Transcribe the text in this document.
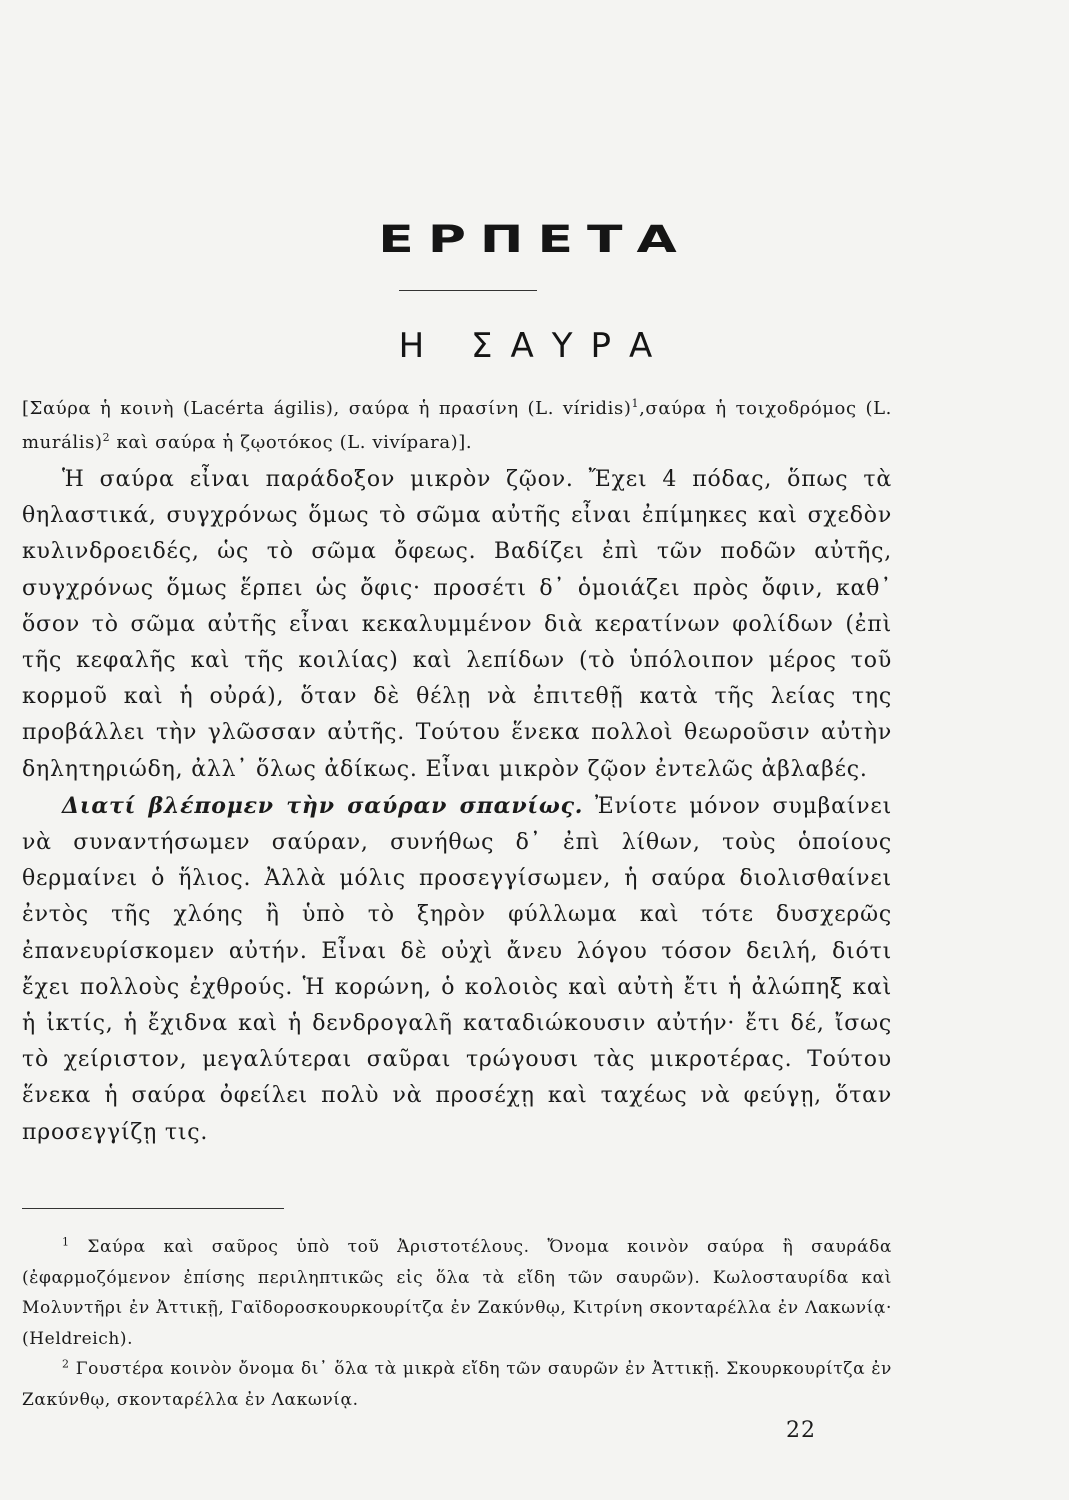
ΕΡΠΕΤΑ
Η ΣΑΥΡΑ
[Σαύρα ἡ κοινὴ (Lacérta ágilis), σαύρα ἡ πρασίνη (L. víridis)$^1$,σαύρα ἡ τοιχοδρόμος (L. murális)$^2$ καὶ σαύρα ἡ ζῳοτόκος (L. vivípara)].

Ἡ σαύρα εἶναι παράδοξον μικρὸν ζῷον. Ἔχει 4 πόδας, ὅπως τὰ θηλαστικά, συγχρόνως ὅμως τὸ σῶμα αὐτῆς εἶναι ἐπίμηκες καὶ σχεδὸν κυλινδροειδές, ὡς τὸ σῶμα ὄφεως. Βαδίζει ἐπὶ τῶν ποδῶν αὐτῆς, συγχρόνως ὅμως ἕρπει ὡς ὄφις· προσέτι δ᾿ ὁμοιάζει πρὸς ὄφιν, καθ᾿ ὅσον τὸ σῶμα αὐτῆς εἶναι κεκαλυμμένον διὰ κερατίνων φολίδων (ἐπὶ τῆς κεφαλῆς καὶ τῆς κοιλίας) καὶ λεπίδων (τὸ ὑπόλοιπον μέρος τοῦ κορμοῦ καὶ ἡ οὐρά), ὅταν δὲ θέλῃ νὰ ἐπιτεθῇ κατὰ τῆς λείας της προβάλλει τὴν γλῶσσαν αὐτῆς. Τούτου ἕνεκα πολλοὶ θεωροῦσιν αὐτὴν δηλητηριώδη, ἀλλ᾿ ὅλως ἀδίκως. Εἶναι μικρὸν ζῷον ἐντελῶς ἀβλαβές.

Διατί βλέπομεν τὴν σαύραν σπανίως. Ἐνίοτε μόνον συμβαίνει νὰ συναντήσωμεν σαύραν, συνήθως δ᾿ ἐπὶ λίθων, τοὺς ὁποίους θερμαίνει ὁ ἥλιος. Ἀλλὰ μόλις προσεγγίσωμεν, ἡ σαύρα διολισθαίνει ἐντὸς τῆς χλόης ἢ ὑπὸ τὸ ξηρὸν φύλλωμα καὶ τότε δυσχερῶς ἐπανευρίσκομεν αὐτήν. Εἶναι δὲ οὐχὶ ἄνευ λόγου τόσον δειλή, διότι ἔχει πολλοὺς ἐχθρούς. Ἡ κορώνη, ὁ κολοιὸς καὶ αὐτὴ ἔτι ἡ ἀλώπηξ καὶ ἡ ἰκτίς, ἡ ἔχιδνα καὶ ἡ δενδρογαλῆ καταδιώκουσιν αὐτήν· ἔτι δέ, ἴσως τὸ χείριστον, μεγαλύτεραι σαῦραι τρώγουσι τὰς μικροτέρας. Τούτου ἕνεκα ἡ σαύρα ὀφείλει πολὺ νὰ προσέχῃ καὶ ταχέως νὰ φεύγῃ, ὅταν προσεγγίζῃ τις.

$^1$ Σαύρα καὶ σαῦρος ὑπὸ τοῦ Ἀριστοτέλους. Ὄνομα κοινὸν σαύρα ἢ σαυράδα (ἐφαρμοζόμενον ἐπίσης περιληπτικῶς εἰς ὅλα τὰ εἴδη τῶν σαυρῶν). Κωλοσταυρίδα καὶ Μολυντῆρι ἐν Ἀττικῇ, Γαϊδοροσκουρκουρίτζα ἐν Ζακύνθῳ, Κιτρίνη σκονταρέλλα ἐν Λακωνίᾳ· (Heldreich).

$^2$ Γουστέρα κοινὸν ὄνομα δι᾿ ὅλα τὰ μικρὰ εἴδη τῶν σαυρῶν ἐν Ἀττικῇ. Σκουρκουρίτζα ἐν Ζακύνθῳ, σκονταρέλλα ἐν Λακωνίᾳ.

22
